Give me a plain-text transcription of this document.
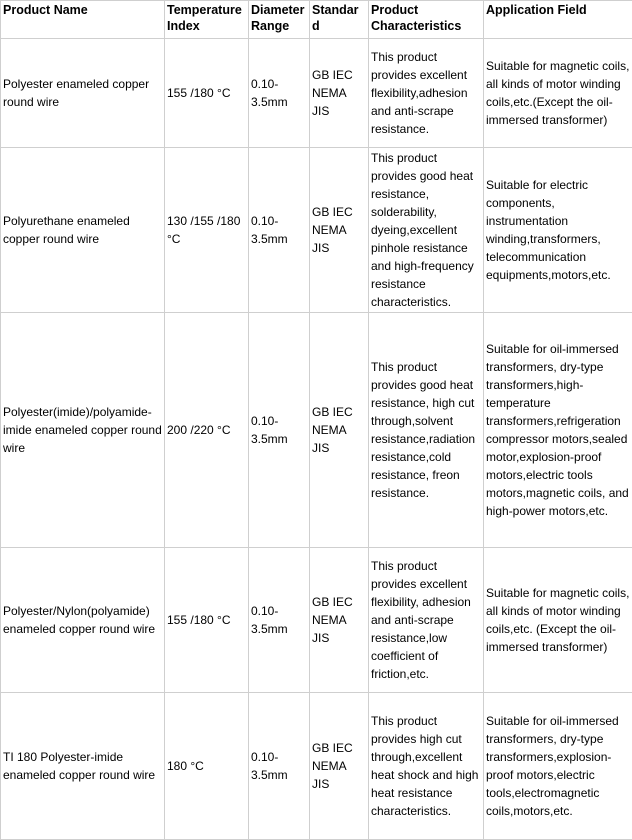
Product Name	Temperature Index	Diameter Range	Standard	Product Characteristics	Application Field
Polyester enameled copper round wire	155 /180 °C	0.10-3.5mm	GB IEC NEMA JIS	This product provides excellent flexibility,adhesion and anti-scrape resistance.	Suitable for magnetic coils, all kinds of motor winding coils,etc.(Except the oil-immersed transformer)
Polyurethane enameled copper round wire	130 /155 /180 °C	0.10-3.5mm	GB IEC NEMA JIS	This product provides good heat resistance, solderability, dyeing,excellent pinhole resistance and high-frequency resistance characteristics.	Suitable for electric components, instrumentation winding,transformers, telecommunication equipments,motors,etc.
Polyester(imide)/polyamide-imide enameled copper round wire	200 /220 °C	0.10-3.5mm	GB IEC NEMA JIS	This product provides good heat resistance, high cut through,solvent resistance,radiation resistance,cold resistance, freon resistance.	Suitable for oil-immersed transformers, dry-type transformers,high-temperature transformers,refrigeration compressor motors,sealed motor,explosion-proof motors,electric tools motors,magnetic coils, and high-power motors,etc.
Polyester/Nylon(polyamide) enameled copper round wire	155 /180 °C	0.10-3.5mm	GB IEC NEMA JIS	This product provides excellent flexibility, adhesion and anti-scrape resistance,low coefficient of friction,etc.	Suitable for magnetic coils, all kinds of motor winding coils,etc. (Except the oil-immersed transformer)
TI 180 Polyester-imide enameled copper round wire	180 °C	0.10-3.5mm	GB IEC NEMA JIS	This product provides high cut through,excellent heat shock and high heat resistance characteristics.	Suitable for oil-immersed transformers, dry-type transformers,explosion-proof motors,electric tools,electromagnetic coils,motors,etc.
